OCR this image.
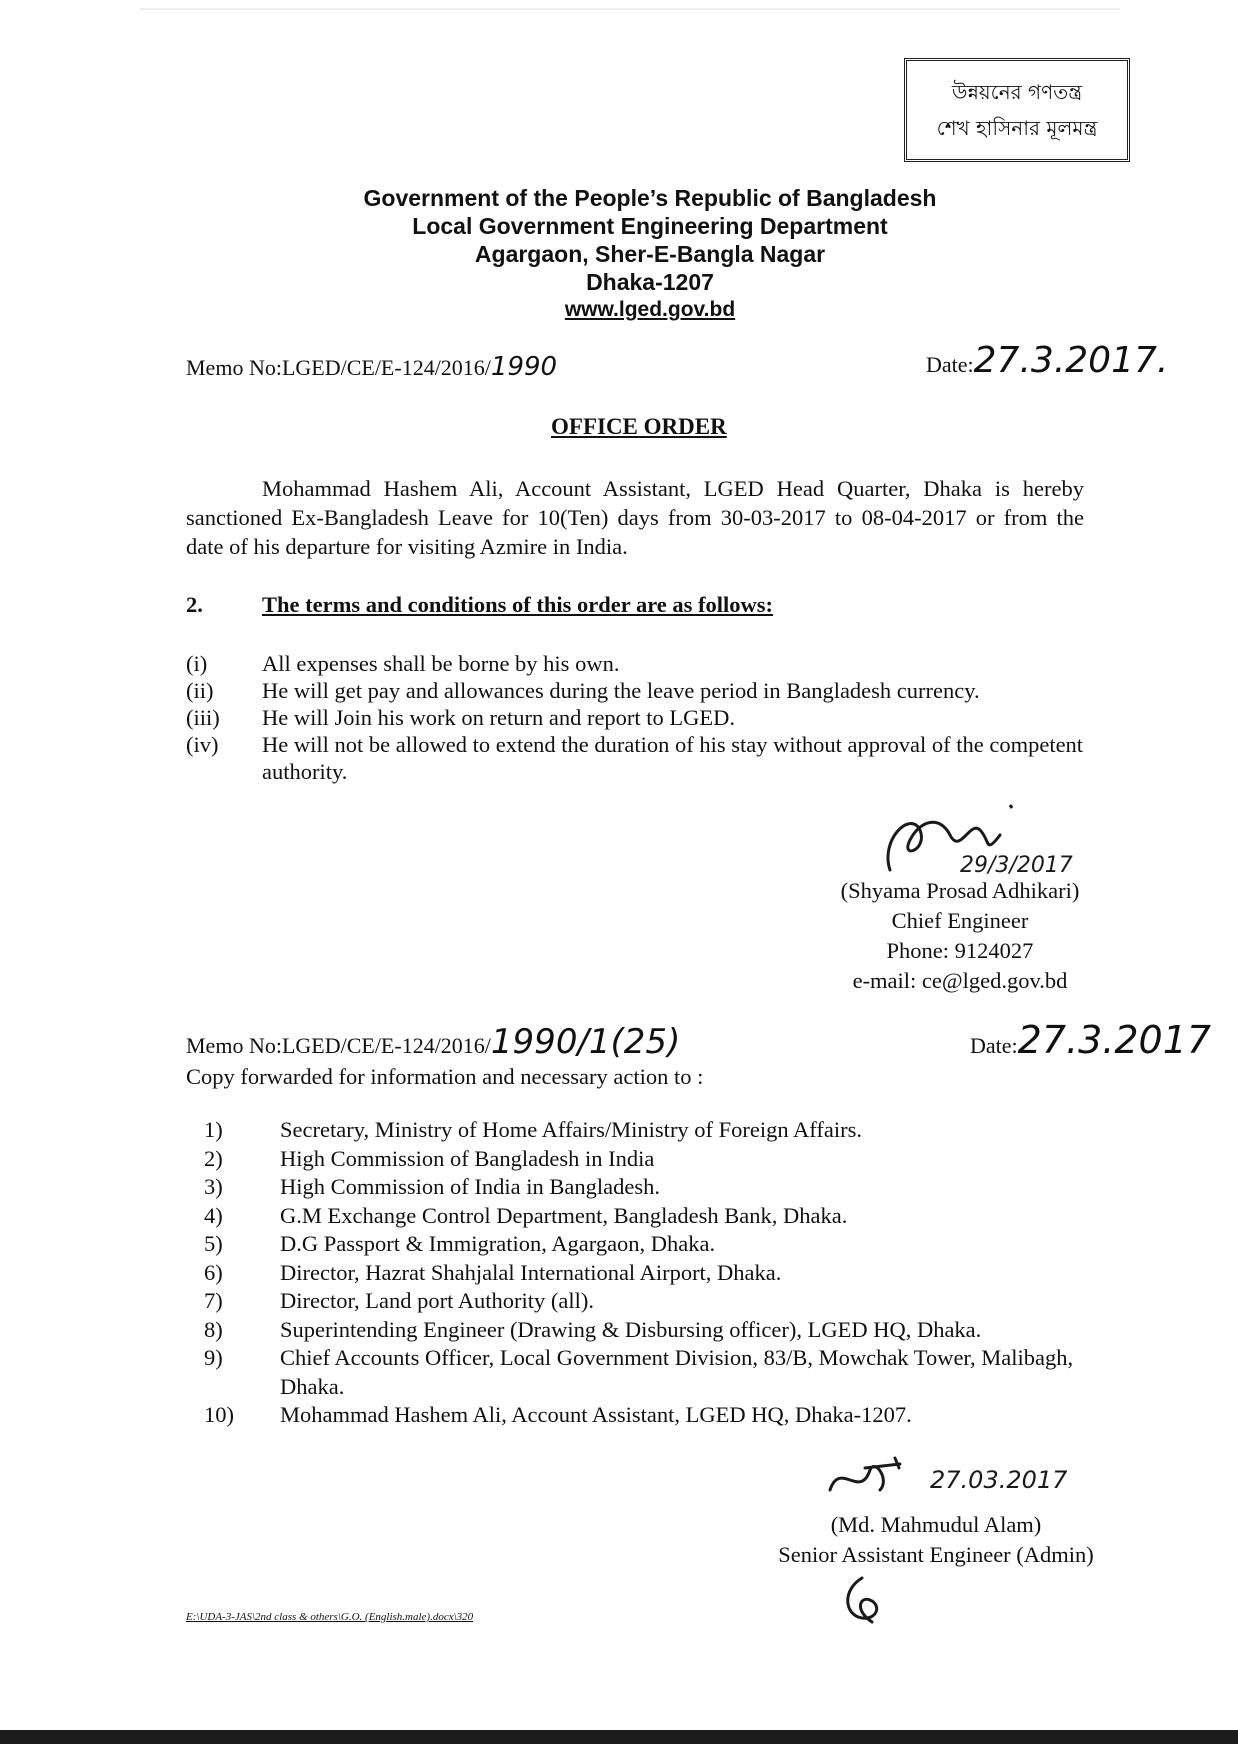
উন্নয়নের গণতন্ত্র
শেখ হাসিনার মূলমন্ত্র
Government of the People’s Republic of Bangladesh
Local Government Engineering Department
Agargaon, Sher-E-Bangla Nagar
Dhaka-1207
www.lged.gov.bd
Memo No:LGED/CE/E-124/2016/1990	Date:27.3.2017.
OFFICE ORDER
Mohammad Hashem Ali, Account Assistant, LGED Head Quarter, Dhaka is hereby sanctioned Ex-Bangladesh Leave for 10(Ten) days from 30-03-2017 to 08-04-2017 or from the date of his departure for visiting Azmire in India.
2.	The terms and conditions of this order are as follows:
(i)	All expenses shall be borne by his own.
(ii)	He will get pay and allowances during the leave period in Bangladesh currency.
(iii)	He will Join his work on return and report to LGED.
(iv)	He will not be allowed to extend the duration of his stay without approval of the competent authority.
29/3/2017
(Shyama Prosad Adhikari)
Chief Engineer
Phone: 9124027
e-mail: ce@lged.gov.bd
Memo No:LGED/CE/E-124/2016/1990/1(25)	Date:27.3.2017
Copy forwarded for information and necessary action to :
1)	Secretary, Ministry of Home Affairs/Ministry of Foreign Affairs.
2)	High Commission of Bangladesh in India
3)	High Commission of India in Bangladesh.
4)	G.M Exchange Control Department, Bangladesh Bank, Dhaka.
5)	D.G Passport & Immigration, Agargaon, Dhaka.
6)	Director, Hazrat Shahjalal International Airport, Dhaka.
7)	Director, Land port Authority (all).
8)	Superintending Engineer (Drawing & Disbursing officer), LGED HQ, Dhaka.
9)	Chief Accounts Officer, Local Government Division, 83/B, Mowchak Tower, Malibagh, Dhaka.
10)	Mohammad Hashem Ali, Account Assistant, LGED HQ, Dhaka-1207.
27.03.2017
(Md. Mahmudul Alam)
Senior Assistant Engineer (Admin)
E:\UDA-3-JAS\2nd class & others\G.O. (English.male).docx\320
